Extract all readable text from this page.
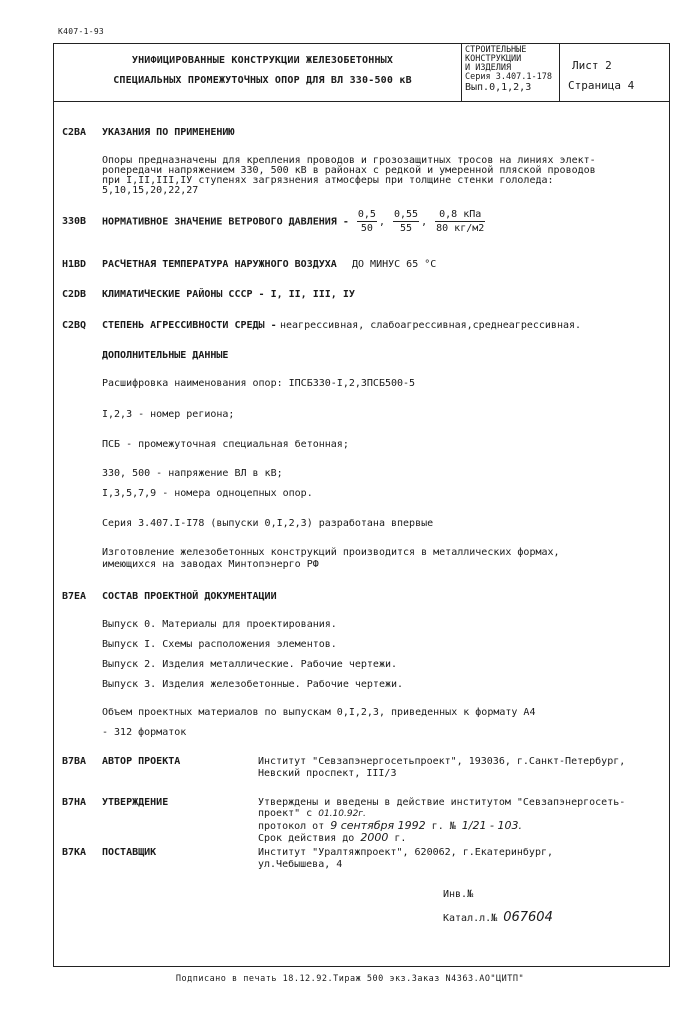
К407-1-93
УНИФИЦИРОВАННЫЕ КОНСТРУКЦИИ ЖЕЛЕЗОБЕТОННЫХ
СПЕЦИАЛЬНЫХ ПРОМЕЖУТОЧНЫХ ОПОР ДЛЯ ВЛ 330-500 кВ
СТРОИТЕЛЬНЫЕ
КОНСТРУКЦИИ
И ИЗДЕЛИЯ
Серия 3.407.1-178
Вып.0,1,2,3
Лист 2
Страница 4
С2ВА УКАЗАНИЯ ПО ПРИМЕНЕНИЮ
Опоры предназначены для крепления проводов и грозозащитных тросов на линиях элект-
ропередачи напряжением 330, 500 кВ в районах с редкой и умеренной пляской проводов
при I,II,III,IУ ступенях загрязнения атмосферы при толщине стенки гололеда:
5,10,15,20,22,27
330В НОРМАТИВНОЕ ЗНАЧЕНИЕ ВЕТРОВОГО ДАВЛЕНИЯ - $\frac{0,5}{50}$ , $\frac{0,55}{55}$ , $\frac{\text{0,8 кПа}}{80 кг/м2}$
Н1ВD РАСЧЕТНАЯ ТЕМПЕРАТУРА НАРУЖНОГО ВОЗДУХА ДО МИНУС 65 °С
С2DВ КЛИМАТИЧЕСКИЕ РАЙОНЫ СССР - I, II, III, IУ
С2ВQ СТЕПЕНЬ АГРЕССИВНОСТИ СРЕДЫ - неагрессивная, слабоагрессивная,среднеагрессивная.
ДОПОЛНИТЕЛЬНЫЕ ДАННЫЕ
Расшифровка наименования опор: IПСБ330-I,2,3ПСБ500-5
I,2,3 - номер региона;
ПСБ - промежуточная специальная бетонная;
330, 500 - напряжение ВЛ в кВ;
I,3,5,7,9 - номера одноцепных опор.
Серия 3.407.I-I78 (выпуски 0,I,2,3) разработана впервые
Изготовление железобетонных конструкций производится в металлических формах,
имеющихся на заводах Минтопэнерго РФ
В7ЕА СОСТАВ ПРОЕКТНОЙ ДОКУМЕНТАЦИИ
Выпуск 0. Материалы для проектирования.
Выпуск I. Схемы расположения элементов.
Выпуск 2. Изделия металлические. Рабочие чертежи.
Выпуск 3. Изделия железобетонные. Рабочие чертежи.
Объем проектных материалов по выпускам 0,I,2,3, приведенных к формату А4
- 312 форматок
В7ВА АВТОР ПРОЕКТА	Институт "Севзапэнергосетьпроект", 193036, г.Санкт-Петербург,
Невский проспект, III/3
В7НА УТВЕРЖДЕНИЕ	Утверждены и введены в действие институтом "Севзапэнергосеть-
проект" с 01.10.92г.
протокол от 9 сентября 1992 г. № 1/21 - 103.
Срок действия до 2000 г.
В7КА ПОСТАВЩИК	Институт "Уралтяжпроект", 620062, г.Екатеринбург,
ул.Чебышева, 4
Инв.№
Катал.л.№ 067604
Подписано в печать 18.12.92.Тираж 500 экз.Заказ N4363.АО"ЦИТП"
